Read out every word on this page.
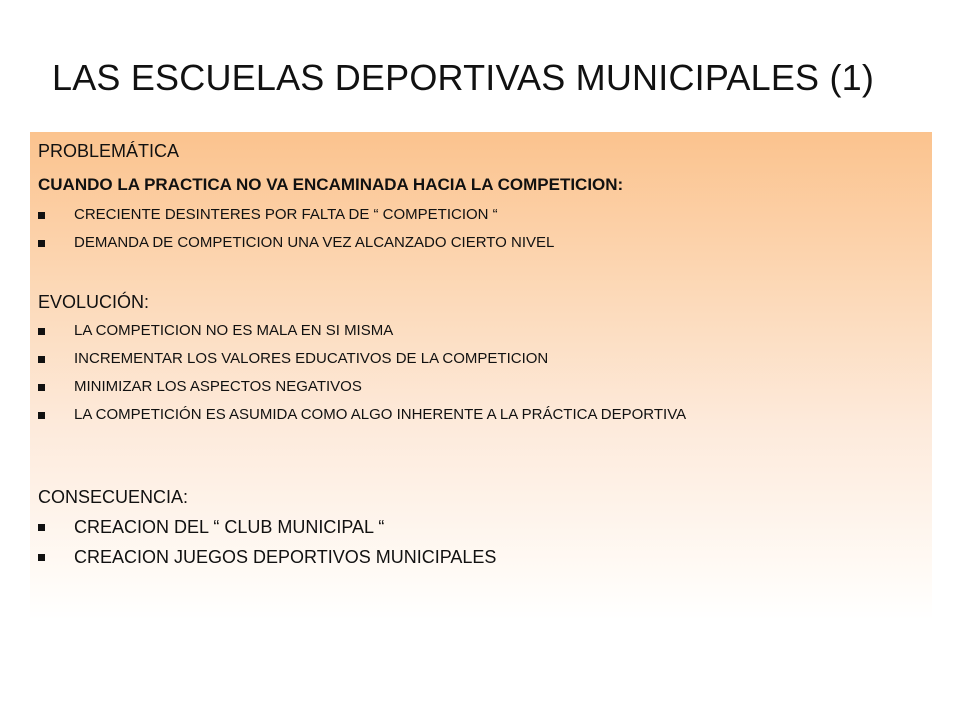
LAS ESCUELAS DEPORTIVAS MUNICIPALES (1)

PROBLEMÁTICA

CUANDO LA PRACTICA NO VA ENCAMINADA HACIA LA COMPETICION:

CRECIENTE DESINTERES POR FALTA DE “ COMPETICION “
DEMANDA DE COMPETICION UNA VEZ ALCANZADO CIERTO NIVEL

EVOLUCIÓN:

LA COMPETICION NO ES MALA EN SI MISMA
INCREMENTAR LOS VALORES EDUCATIVOS DE LA COMPETICION
MINIMIZAR LOS ASPECTOS NEGATIVOS
LA COMPETICIÓN ES ASUMIDA COMO ALGO INHERENTE A LA PRÁCTICA DEPORTIVA

CONSECUENCIA:

CREACION DEL “ CLUB MUNICIPAL “
CREACION JUEGOS DEPORTIVOS MUNICIPALES
